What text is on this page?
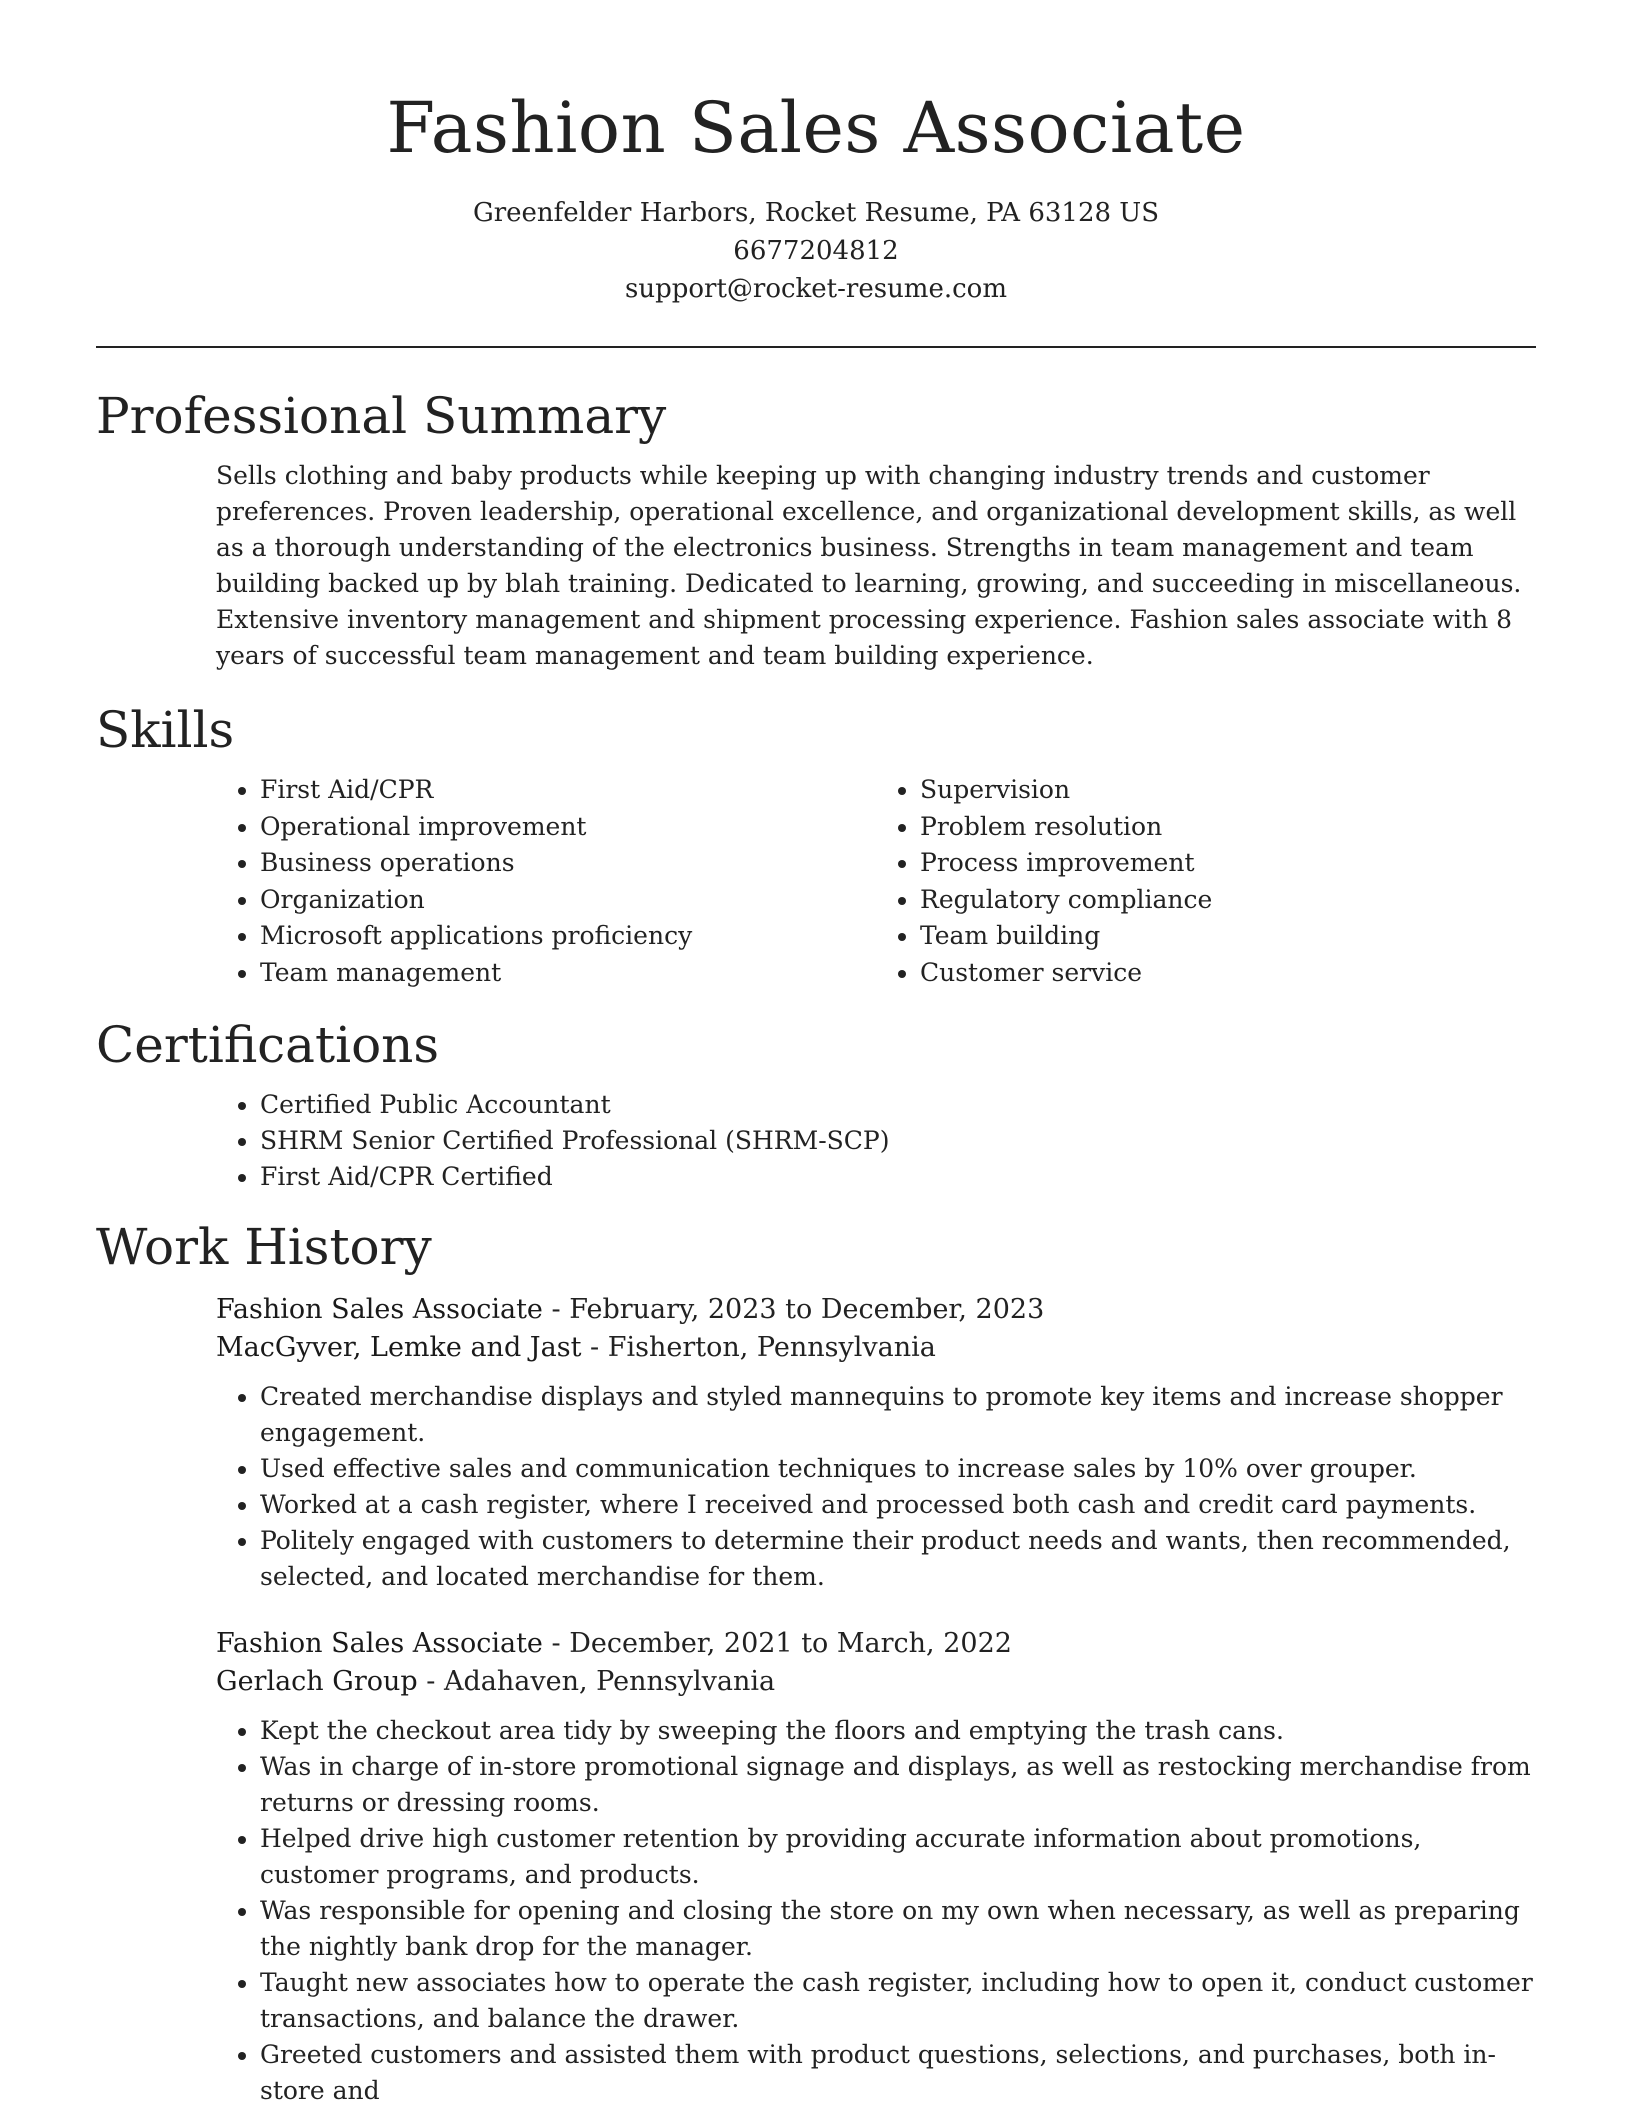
Fashion Sales Associate
Greenfelder Harbors, Rocket Resume, PA 63128 US
6677204812
support@rocket-resume.com
Professional Summary

Sells clothing and baby products while keeping up with changing industry trends and customer preferences. Proven leadership, operational excellence, and organizational development skills, as well as a thorough understanding of the electronics business. Strengths in team management and team building backed up by blah training. Dedicated to learning, growing, and succeeding in miscellaneous. Extensive inventory management and shipment processing experience. Fashion sales associate with 8 years of successful team management and team building experience.

Skills
• First Aid/CPR
• Operational improvement
• Business operations
• Organization
• Microsoft applications proficiency
• Team management
• Supervision
• Problem resolution
• Process improvement
• Regulatory compliance
• Team building
• Customer service
Certifications
• Certified Public Accountant
• SHRM Senior Certified Professional (SHRM-SCP)
• First Aid/CPR Certified
Work History
Fashion Sales Associate - February, 2023 to December, 2023
MacGyver, Lemke and Jast - Fisherton, Pennsylvania
• Created merchandise displays and styled mannequins to promote key items and increase shopper engagement.
• Used effective sales and communication techniques to increase sales by 10% over grouper.
• Worked at a cash register, where I received and processed both cash and credit card payments.
• Politely engaged with customers to determine their product needs and wants, then recommended, selected, and located merchandise for them.
Fashion Sales Associate - December, 2021 to March, 2022
Gerlach Group - Adahaven, Pennsylvania
• Kept the checkout area tidy by sweeping the floors and emptying the trash cans.
• Was in charge of in-store promotional signage and displays, as well as restocking merchandise from returns or dressing rooms.
• Helped drive high customer retention by providing accurate information about promotions, customer programs, and products.
• Was responsible for opening and closing the store on my own when necessary, as well as preparing the nightly bank drop for the manager.
• Taught new associates how to operate the cash register, including how to open it, conduct customer transactions, and balance the drawer.
• Greeted customers and assisted them with product questions, selections, and purchases, both in-store and
